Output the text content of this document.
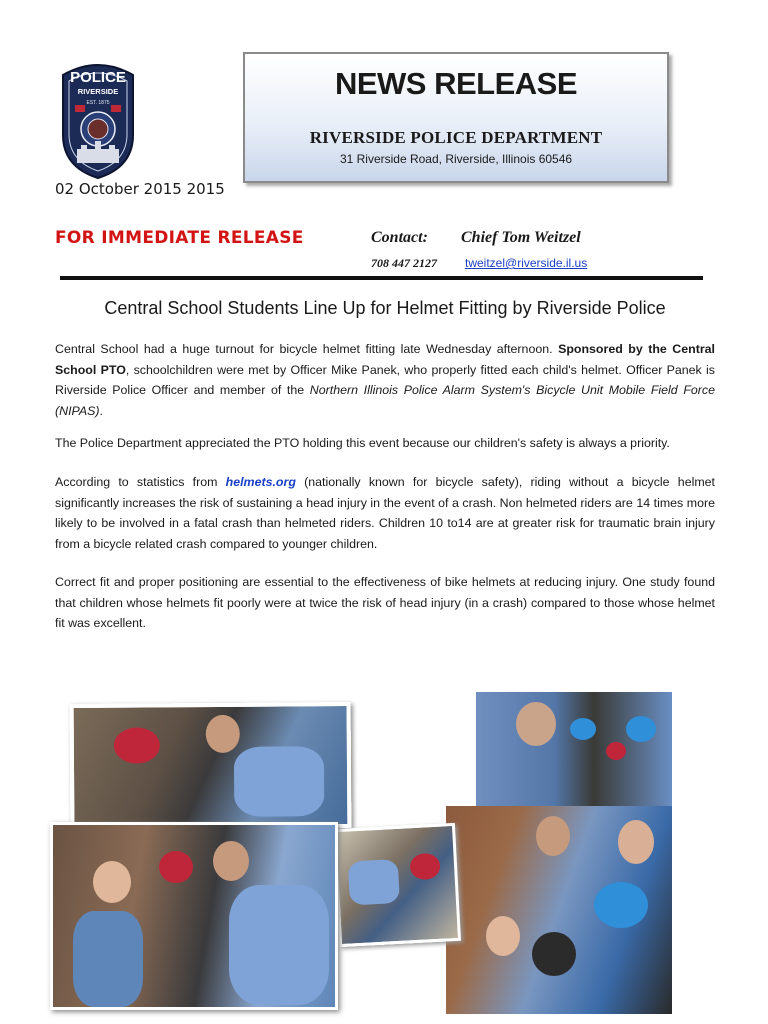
POLICE
RIVERSIDE
EST. 1875
02 October 2015 2015
NEWS RELEASE
RIVERSIDE POLICE DEPARTMENT
31 Riverside Road, Riverside, Illinois 60546
FOR IMMEDIATE RELEASE	Contact: Chief Tom Weitzel
708 447 2127 tweitzel@riverside.il.us
Central School Students Line Up for Helmet Fitting by Riverside Police
Central School had a huge turnout for bicycle helmet fitting late Wednesday afternoon. Sponsored by the Central School PTO, schoolchildren were met by Officer Mike Panek, who properly fitted each child's helmet. Officer Panek is Riverside Police Officer and member of the Northern Illinois Police Alarm System's Bicycle Unit Mobile Field Force (NIPAS).
The Police Department appreciated the PTO holding this event because our children's safety is always a priority.
According to statistics from helmets.org (nationally known for bicycle safety), riding without a bicycle helmet significantly increases the risk of sustaining a head injury in the event of a crash. Non helmeted riders are 14 times more likely to be involved in a fatal crash than helmeted riders. Children 10 to14 are at greater risk for traumatic brain injury from a bicycle related crash compared to younger children.
Correct fit and proper positioning are essential to the effectiveness of bike helmets at reducing injury. One study found that children whose helmets fit poorly were at twice the risk of head injury (in a crash) compared to those whose helmet fit was excellent.
